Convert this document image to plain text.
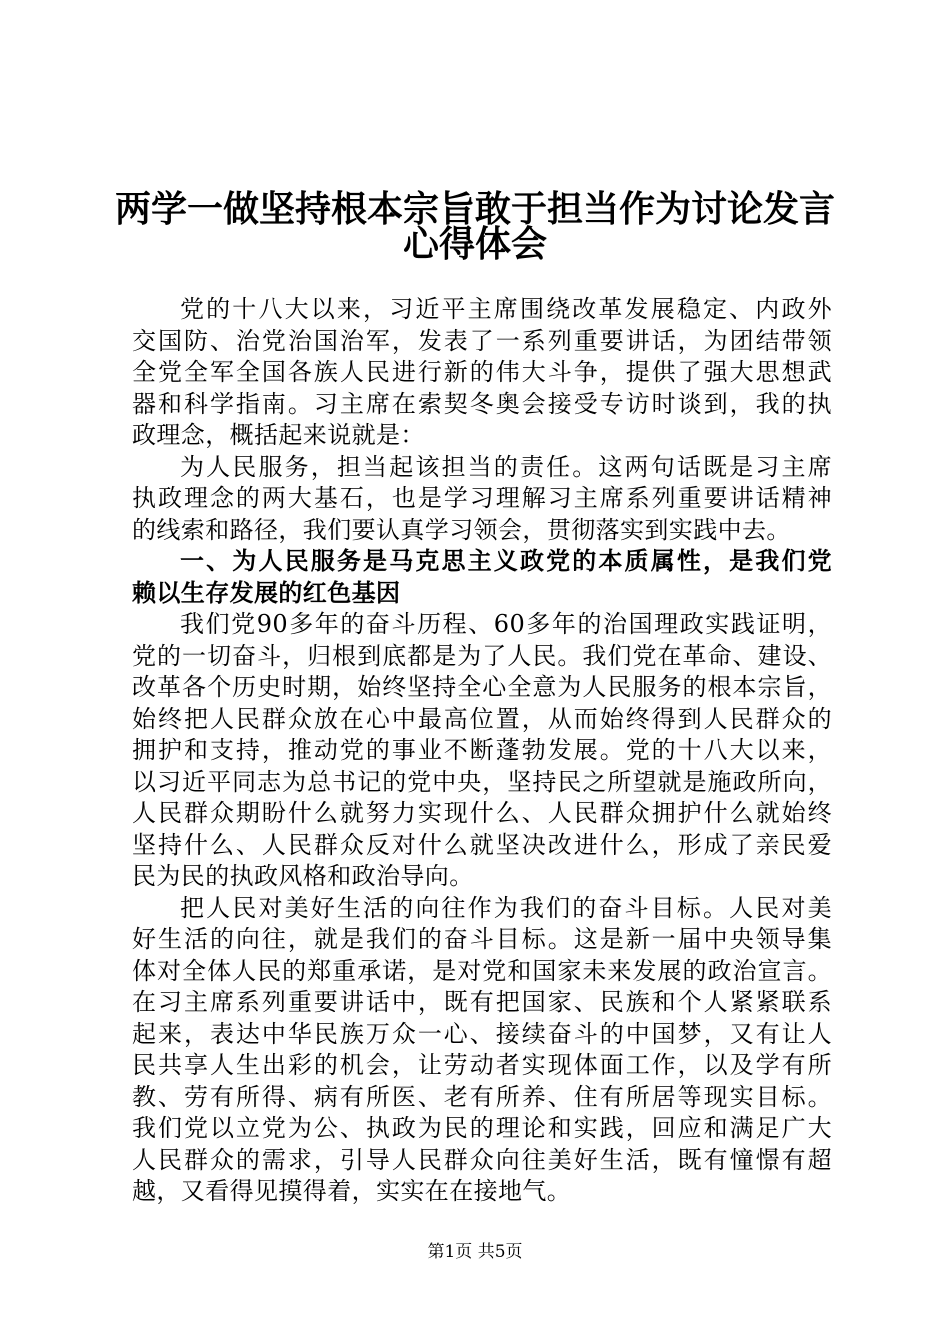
两学一做坚持根本宗旨敢于担当作为讨论发言
心得体会
党的十八大以来，习近平主席围绕改革发展稳定、内政外
交国防、治党治国治军，发表了一系列重要讲话，为团结带领
全党全军全国各族人民进行新的伟大斗争，提供了强大思想武
器和科学指南。习主席在索契冬奥会接受专访时谈到，我的执
政理念，概括起来说就是：
为人民服务，担当起该担当的责任。这两句话既是习主席
执政理念的两大基石，也是学习理解习主席系列重要讲话精神
的线索和路径，我们要认真学习领会，贯彻落实到实践中去。
一、为人民服务是马克思主义政党的本质属性，是我们党
赖以生存发展的红色基因
我们党90多年的奋斗历程、60多年的治国理政实践证明，
党的一切奋斗，归根到底都是为了人民。我们党在革命、建设、
改革各个历史时期，始终坚持全心全意为人民服务的根本宗旨，
始终把人民群众放在心中最高位置，从而始终得到人民群众的
拥护和支持，推动党的事业不断蓬勃发展。党的十八大以来，
以习近平同志为总书记的党中央，坚持民之所望就是施政所向，
人民群众期盼什么就努力实现什么、人民群众拥护什么就始终
坚持什么、人民群众反对什么就坚决改进什么，形成了亲民爱
民为民的执政风格和政治导向。
把人民对美好生活的向往作为我们的奋斗目标。人民对美
好生活的向往，就是我们的奋斗目标。这是新一届中央领导集
体对全体人民的郑重承诺，是对党和国家未来发展的政治宣言。
在习主席系列重要讲话中，既有把国家、民族和个人紧紧联系
起来，表达中华民族万众一心、接续奋斗的中国梦，又有让人
民共享人生出彩的机会，让劳动者实现体面工作，以及学有所
教、劳有所得、病有所医、老有所养、住有所居等现实目标。
我们党以立党为公、执政为民的理论和实践，回应和满足广大
人民群众的需求，引导人民群众向往美好生活，既有憧憬有超
越，又看得见摸得着，实实在在接地气。
第1页 共5页
